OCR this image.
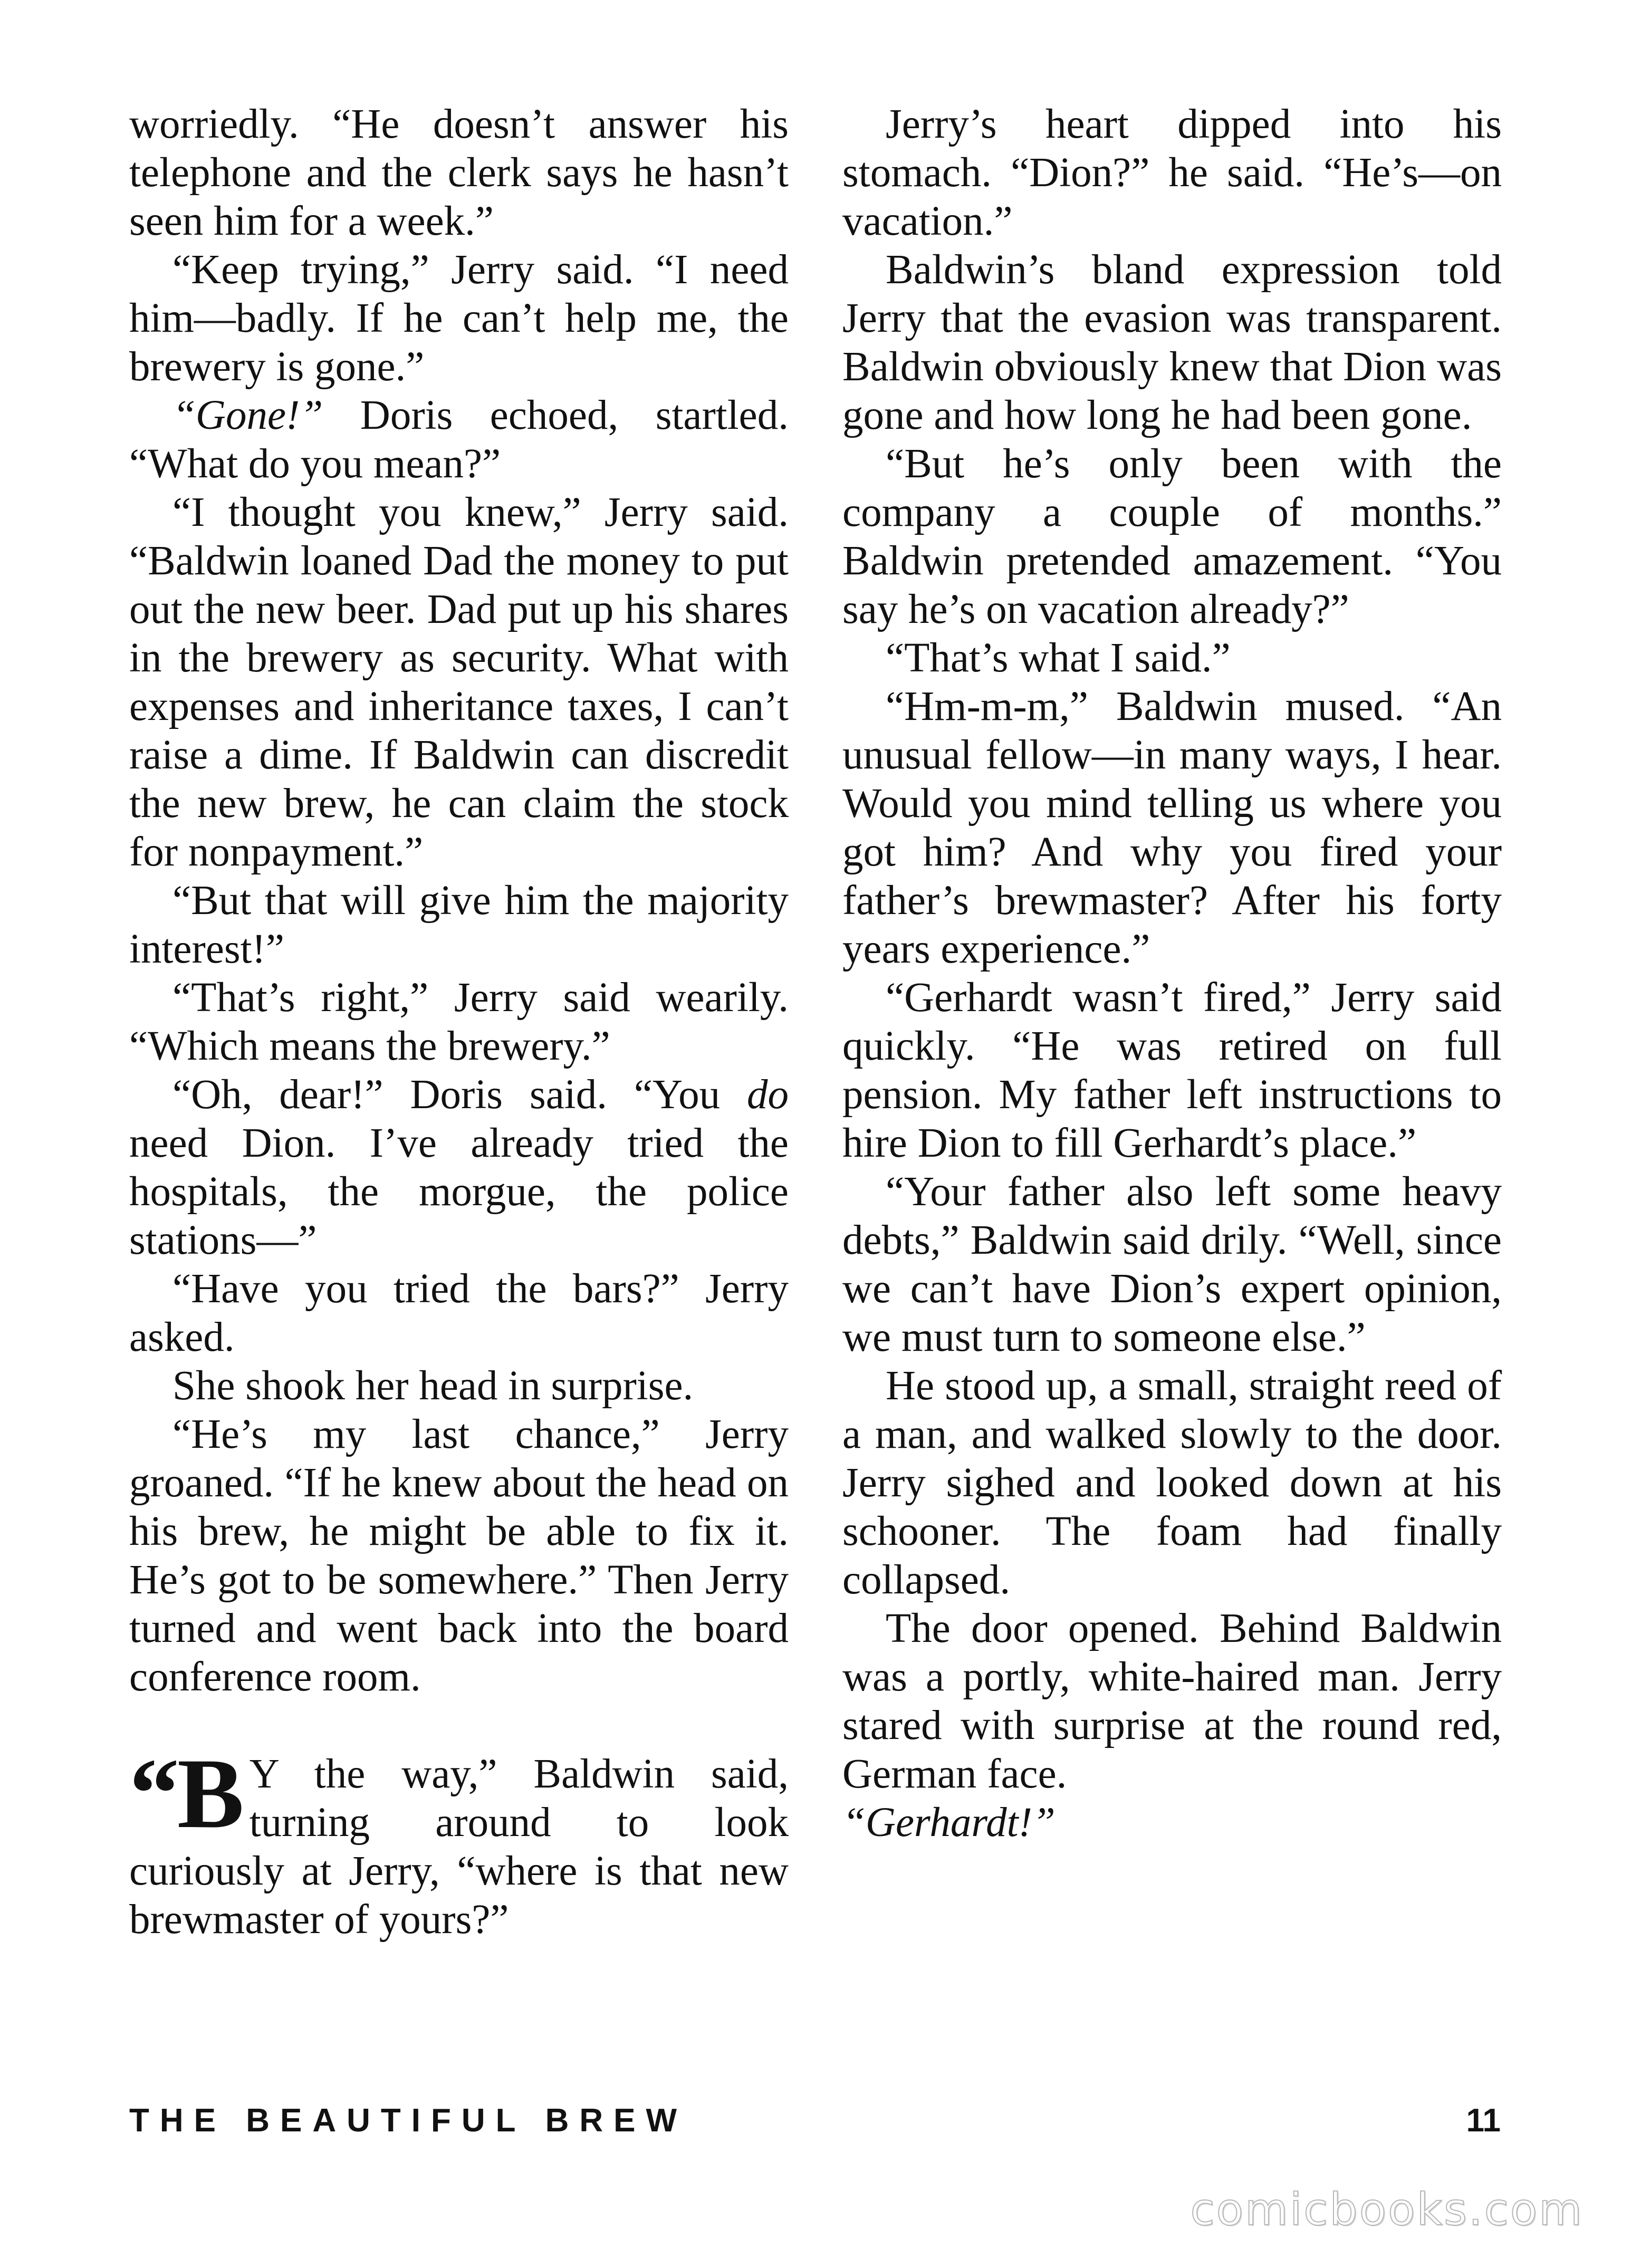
worriedly. “He doesn’t answer his telephone and the clerk says he hasn’t seen him for a week.”

“Keep trying,” Jerry said. “I need him—badly. If he can’t help me, the brewery is gone.”

“Gone!” Doris echoed, startled. “What do you mean?”

“I thought you knew,” Jerry said. “Baldwin loaned Dad the money to put out the new beer. Dad put up his shares in the brewery as security. What with expenses and inheritance taxes, I can’t raise a dime. If Baldwin can discredit the new brew, he can claim the stock for nonpayment.”

“But that will give him the majority interest!”

“That’s right,” Jerry said wearily. “Which means the brewery.”

“Oh, dear!” Doris said. “You do need Dion. I’ve already tried the hospitals, the morgue, the police stations—”

“Have you tried the bars?” Jerry asked.

She shook her head in surprise.

“He’s my last chance,” Jerry groaned. “If he knew about the head on his brew, he might be able to fix it. He’s got to be somewhere.” Then Jerry turned and went back into the board conference room.

“B Y the way,” Baldwin said, turning around to look curiously at Jerry, “where is that new brewmaster of yours?”

Jerry’s heart dipped into his stomach. “Dion?” he said. “He’s—on vacation.”

Baldwin’s bland expression told Jerry that the evasion was transparent. Baldwin obviously knew that Dion was gone and how long he had been gone.

“But he’s only been with the company a couple of months.” Baldwin pretended amazement. “You say he’s on vacation already?”

“That’s what I said.”

“Hm-m-m,” Baldwin mused. “An unusual fellow—in many ways, I hear. Would you mind telling us where you got him? And why you fired your father’s brewmaster? After his forty years experience.”

“Gerhardt wasn’t fired,” Jerry said quickly. “He was retired on full pension. My father left instructions to hire Dion to fill Gerhardt’s place.”

“Your father also left some heavy debts,” Baldwin said drily. “Well, since we can’t have Dion’s expert opinion, we must turn to someone else.”

He stood up, a small, straight reed of a man, and walked slowly to the door. Jerry sighed and looked down at his schooner. The foam had finally collapsed.

The door opened. Behind Baldwin was a portly, white-haired man. Jerry stared with surprise at the round red, German face.

“Gerhardt!”

THE BEAUTIFUL BREW	11
comicbooks.com
